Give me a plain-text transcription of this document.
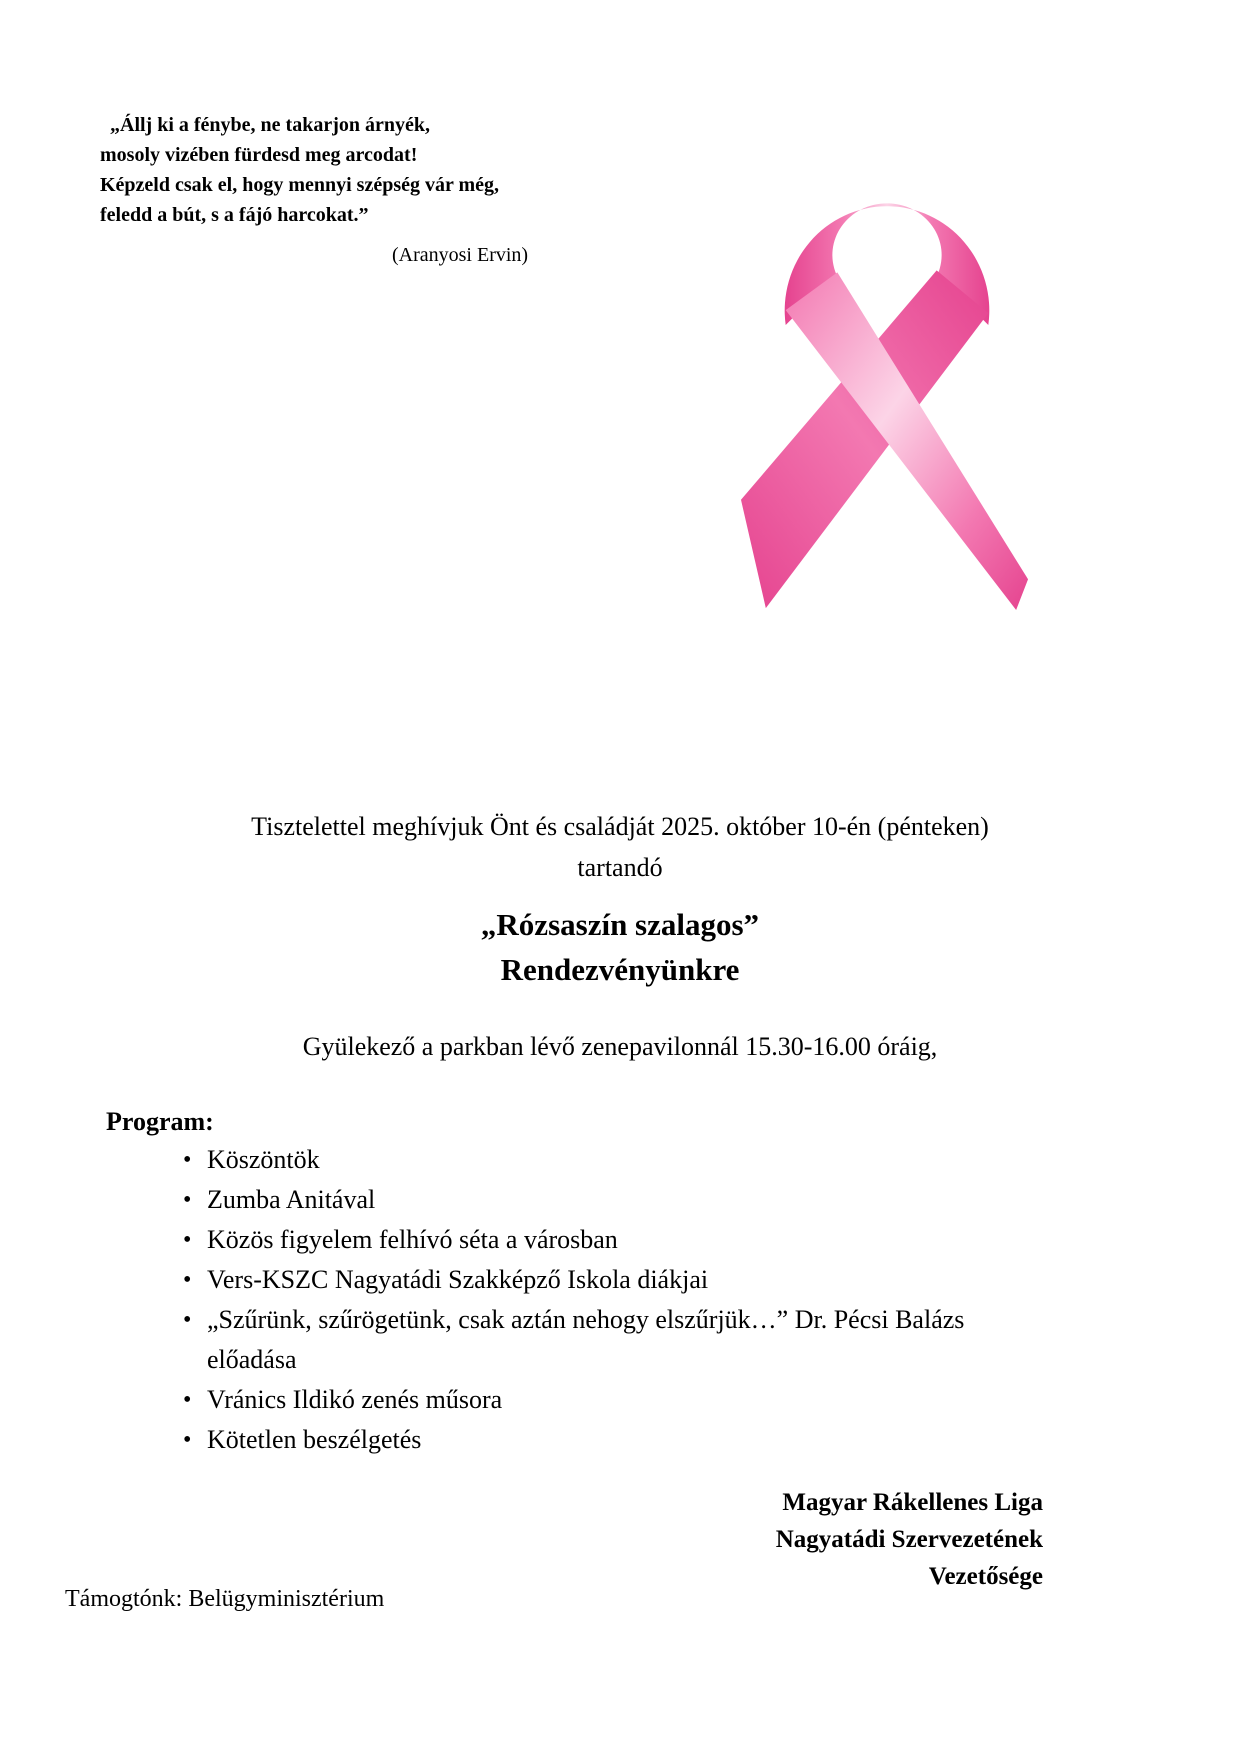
„Állj ki a fénybe, ne takarjon árnyék,
mosoly vizében fürdesd meg arcodat!
Képzeld csak el, hogy mennyi szépség vár még,
feledd a bút, s a fájó harcokat.”
(Aranyosi Ervin)
Tisztelettel meghívjuk Önt és családját 2025. október 10-én (pénteken)
tartandó
„Rózsaszín szalagos”
Rendezvényünkre
Gyülekező a parkban lévő zenepavilonnál 15.30-16.00 óráig,
Program:
• Köszöntök
• Zumba Anitával
• Közös figyelem felhívó séta a városban
• Vers-KSZC Nagyatádi Szakképző Iskola diákjai
• „Szűrünk, szűrögetünk, csak aztán nehogy elszűrjük…” Dr. Pécsi Balázs
előadása
• Vránics Ildikó zenés műsora
• Kötetlen beszélgetés
Magyar Rákellenes Liga
Nagyatádi Szervezetének
Vezetősége
Támogtónk: Belügyminisztérium
